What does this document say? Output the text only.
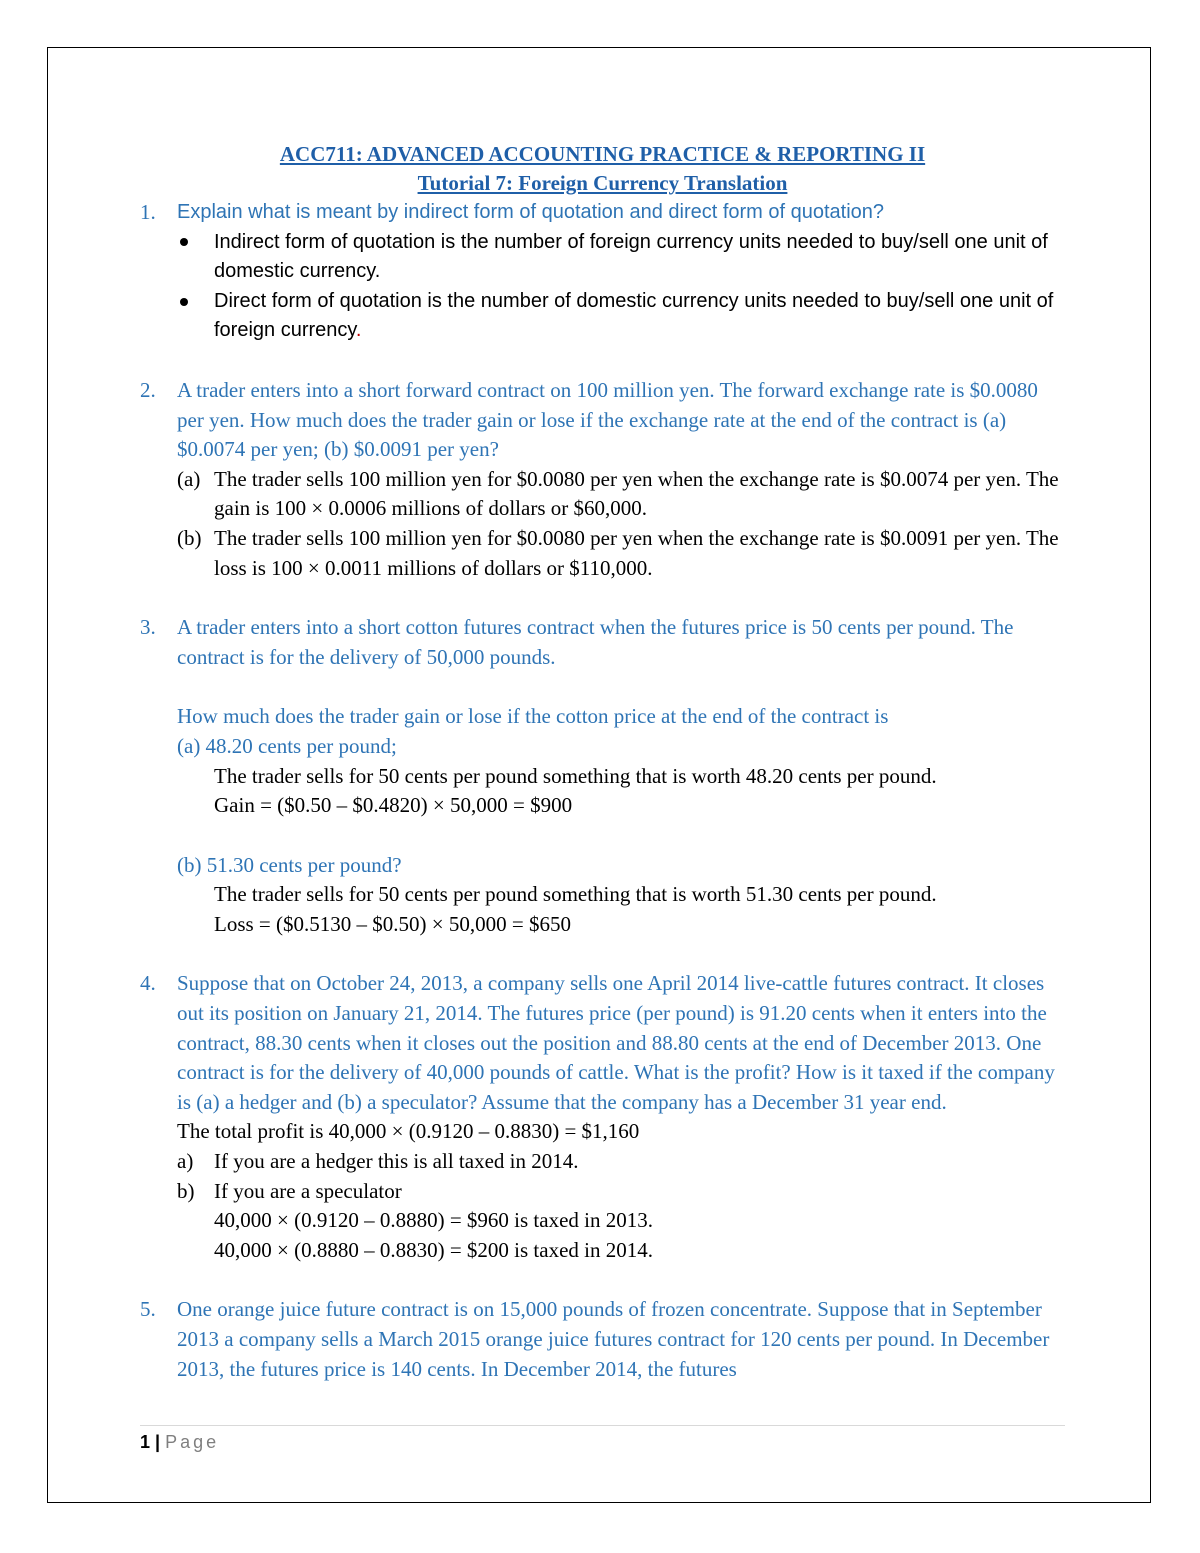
ACC711: ADVANCED ACCOUNTING PRACTICE & REPORTING II
Tutorial 7: Foreign Currency Translation
1.	Explain what is meant by indirect form of quotation and direct form of quotation?
Indirect form of quotation is the number of foreign currency units needed to buy/sell one unit of domestic currency.
Direct form of quotation is the number of domestic currency units needed to buy/sell one unit of foreign currency.
2.	A trader enters into a short forward contract on 100 million yen. The forward exchange rate is $0.0080 per yen. How much does the trader gain or lose if the exchange rate at the end of the contract is (a) $0.0074 per yen; (b) $0.0091 per yen?
(a) The trader sells 100 million yen for $0.0080 per yen when the exchange rate is $0.0074 per yen. The gain is 100 × 0.0006 millions of dollars or $60,000.
(b) The trader sells 100 million yen for $0.0080 per yen when the exchange rate is $0.0091 per yen. The loss is 100 × 0.0011 millions of dollars or $110,000.
3.	A trader enters into a short cotton futures contract when the futures price is 50 cents per pound. The contract is for the delivery of 50,000 pounds.
How much does the trader gain or lose if the cotton price at the end of the contract is
(a) 48.20 cents per pound;
The trader sells for 50 cents per pound something that is worth 48.20 cents per pound.
Gain = ($0.50 – $0.4820) × 50,000 = $900
(b) 51.30 cents per pound?
The trader sells for 50 cents per pound something that is worth 51.30 cents per pound.
Loss = ($0.5130 – $0.50) × 50,000 = $650
4.	Suppose that on October 24, 2013, a company sells one April 2014 live-cattle futures contract. It closes out its position on January 21, 2014. The futures price (per pound) is 91.20 cents when it enters into the contract, 88.30 cents when it closes out the position and 88.80 cents at the end of December 2013. One contract is for the delivery of 40,000 pounds of cattle. What is the profit? How is it taxed if the company is (a) a hedger and (b) a speculator? Assume that the company has a December 31 year end.
The total profit is 40,000 × (0.9120 – 0.8830) = $1,160
a) If you are a hedger this is all taxed in 2014.
b) If you are a speculator
40,000 × (0.9120 – 0.8880) = $960 is taxed in 2013.
40,000 × (0.8880 – 0.8830) = $200 is taxed in 2014.
5.	One orange juice future contract is on 15,000 pounds of frozen concentrate. Suppose that in September 2013 a company sells a March 2015 orange juice futures contract for 120 cents per pound. In December 2013, the futures price is 140 cents. In December 2014, the futures
1 | Page
